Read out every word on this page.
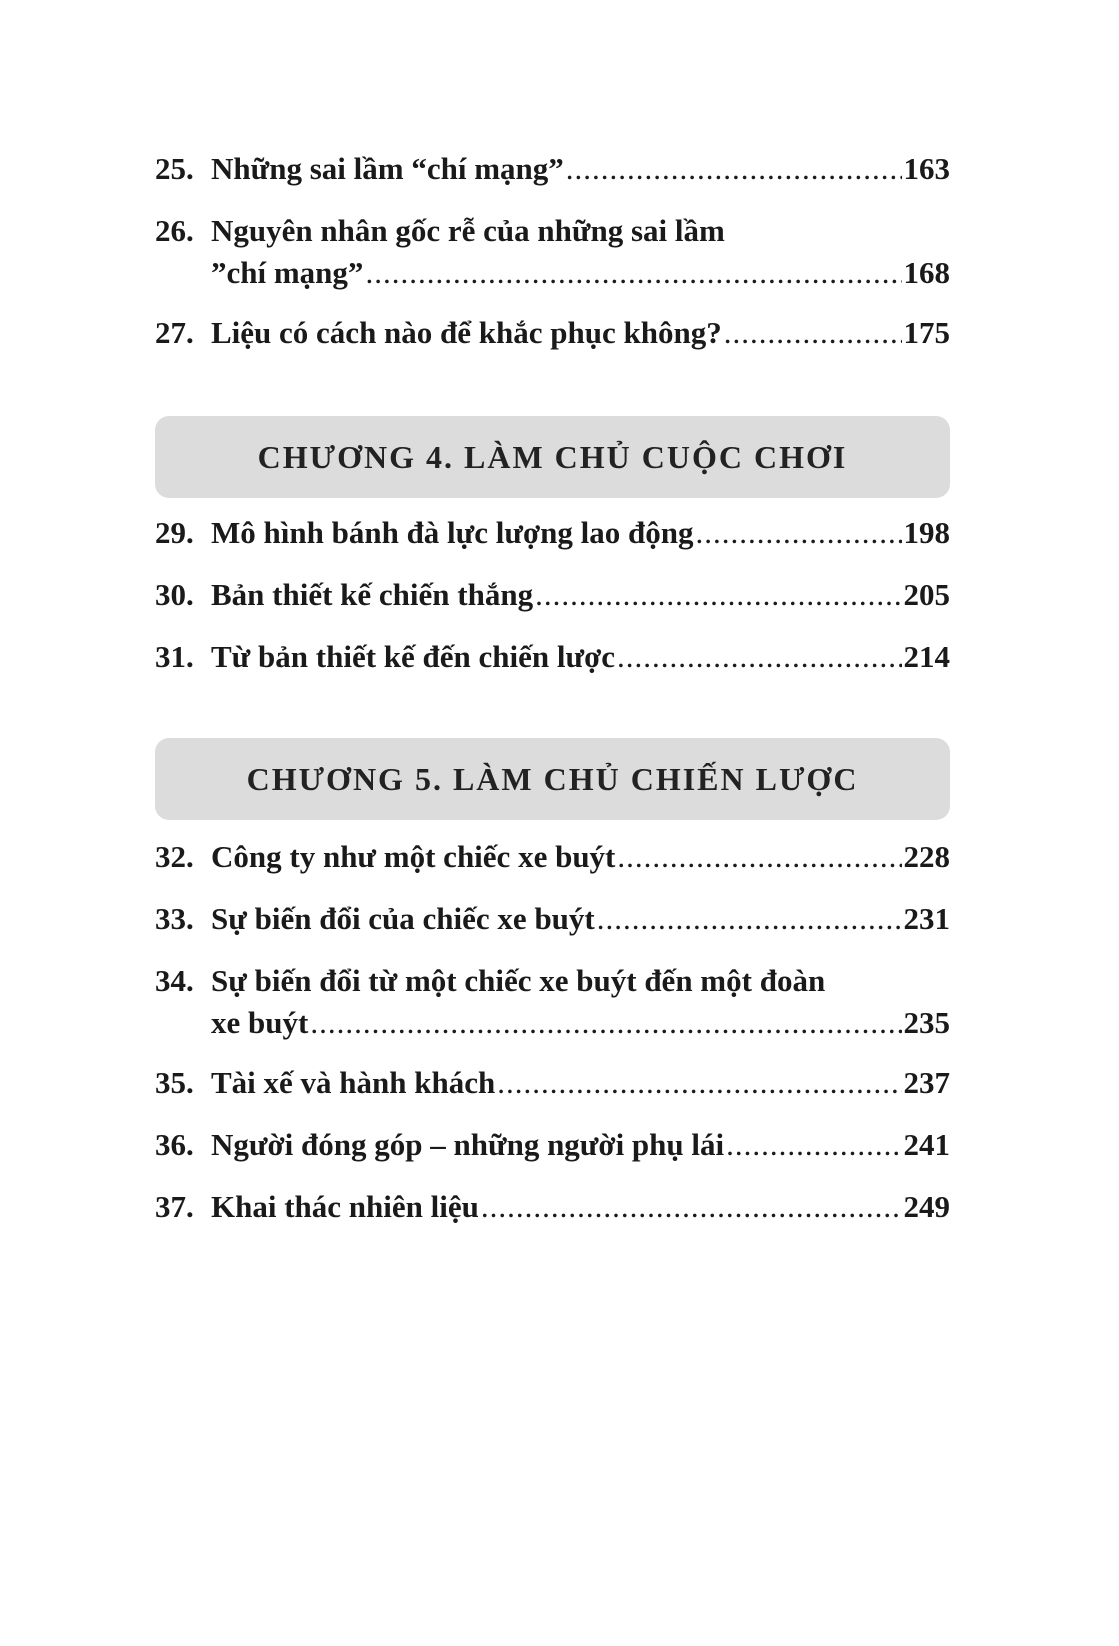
25. Những sai lầm “chí mạng” .....	163
26. Nguyên nhân gốc rễ của những sai lầm
”chí mạng” .....	168
27. Liệu có cách nào để khắc phục không? .....	175
CHƯƠNG 4. LÀM CHỦ CUỘC CHƠI
29. Mô hình bánh đà lực lượng lao động .....	198
30. Bản thiết kế chiến thắng .....	205
31. Từ bản thiết kế đến chiến lược .....	214
CHƯƠNG 5. LÀM CHỦ CHIẾN LƯỢC
32. Công ty như một chiếc xe buýt .....	228
33. Sự biến đổi của chiếc xe buýt .....	231
34. Sự biến đổi từ một chiếc xe buýt đến một đoàn
xe buýt .....	235
35. Tài xế và hành khách .....	237
36. Người đóng góp – những người phụ lái .....	241
37. Khai thác nhiên liệu .....	249
